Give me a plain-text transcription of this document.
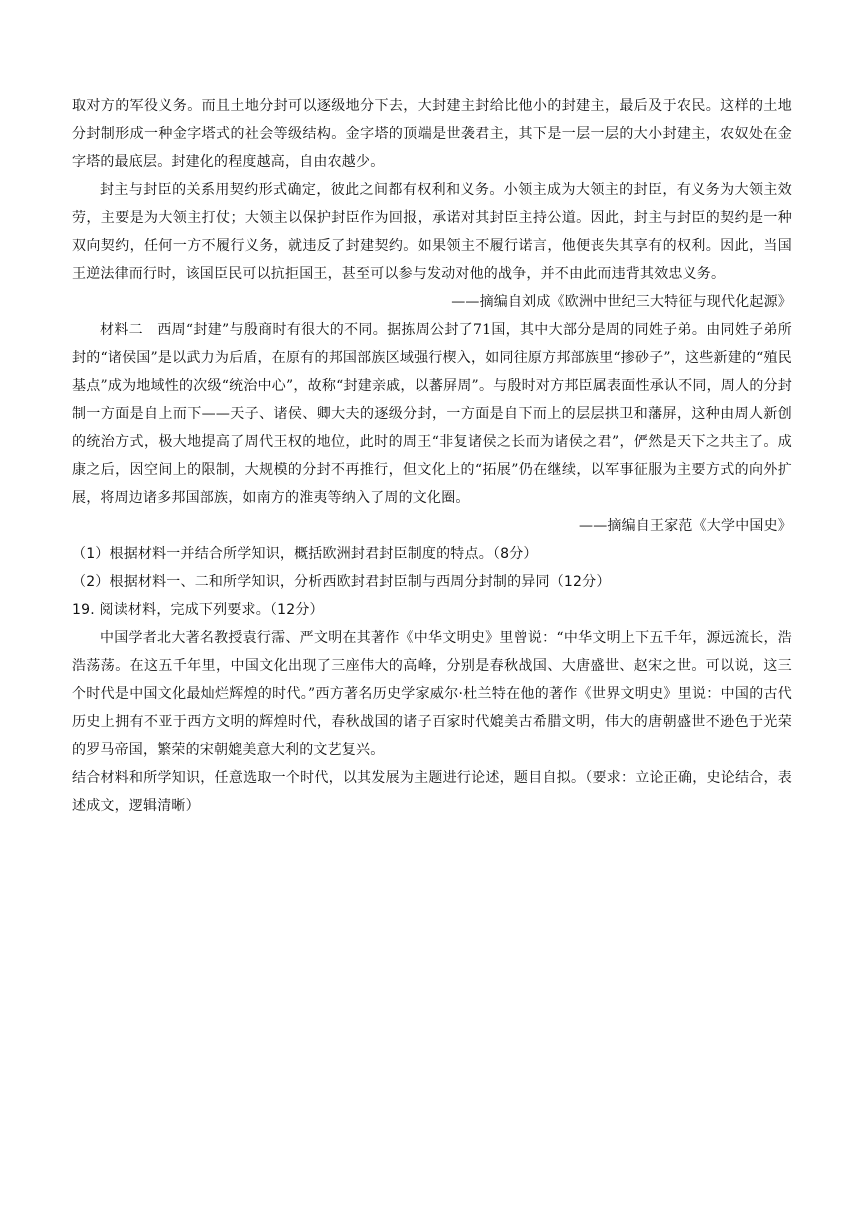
取对方的军役义务。而且土地分封可以逐级地分下去，大封建主封给比他小的封建主，最后及于农民。这样的土地分封制形成一种金字塔式的社会等级结构。金字塔的顶端是世袭君主，其下是一层一层的大小封建主，农奴处在金字塔的最底层。封建化的程度越高，自由农越少。

封主与封臣的关系用契约形式确定，彼此之间都有权利和义务。小领主成为大领主的封臣，有义务为大领主效劳，主要是为大领主打仗；大领主以保护封臣作为回报，承诺对其封臣主持公道。因此，封主与封臣的契约是一种双向契约，任何一方不履行义务，就违反了封建契约。如果领主不履行诺言，他便丧失其享有的权利。因此，当国王逆法律而行时，该国臣民可以抗拒国王，甚至可以参与发动对他的战争，并不由此而违背其效忠义务。

——摘编自刘成《欧洲中世纪三大特征与现代化起源》

材料二　西周“封建”与殷商时有很大的不同。据拣周公封了71国，其中大部分是周的同姓子弟。由同姓子弟所封的“诸侯国”是以武力为后盾，在原有的邦国部族区域强行楔入，如同往原方邦部族里“掺砂子”，这些新建的“殖民基点”成为地域性的次级“统治中心”，故称“封建亲戚，以蕃屏周”。与殷时对方邦臣属表面性承认不同，周人的分封制一方面是自上而下——天子、诸侯、卿大夫的逐级分封，一方面是自下而上的层层拱卫和藩屏，这种由周人新创的统治方式，极大地提高了周代王权的地位，此时的周王“非复诸侯之长而为诸侯之君”，俨然是天下之共主了。成康之后，因空间上的限制，大规模的分封不再推行，但文化上的“拓展”仍在继续，以军事征服为主要方式的向外扩展，将周边诸多邦国部族，如南方的淮夷等纳入了周的文化圈。

——摘编自王家范《大学中国史》

（1）根据材料一并结合所学知识，概括欧洲封君封臣制度的特点。（8分）

（2）根据材料一、二和所学知识，分析西欧封君封臣制与西周分封制的异同（12分）

19. 阅读材料，完成下列要求。（12分）

中国学者北大著名教授袁行霈、严文明在其著作《中华文明史》里曾说：“中华文明上下五千年，源远流长，浩浩荡荡。在这五千年里，中国文化出现了三座伟大的高峰，分别是春秋战国、大唐盛世、赵宋之世。可以说，这三个时代是中国文化最灿烂辉煌的时代。”西方著名历史学家威尔·杜兰特在他的著作《世界文明史》里说：中国的古代历史上拥有不亚于西方文明的辉煌时代，春秋战国的诸子百家时代媲美古希腊文明，伟大的唐朝盛世不逊色于光荣的罗马帝国，繁荣的宋朝媲美意大利的文艺复兴。

结合材料和所学知识，任意选取一个时代，以其发展为主题进行论述，题目自拟。（要求：立论正确，史论结合，表述成文，逻辑清晰）
